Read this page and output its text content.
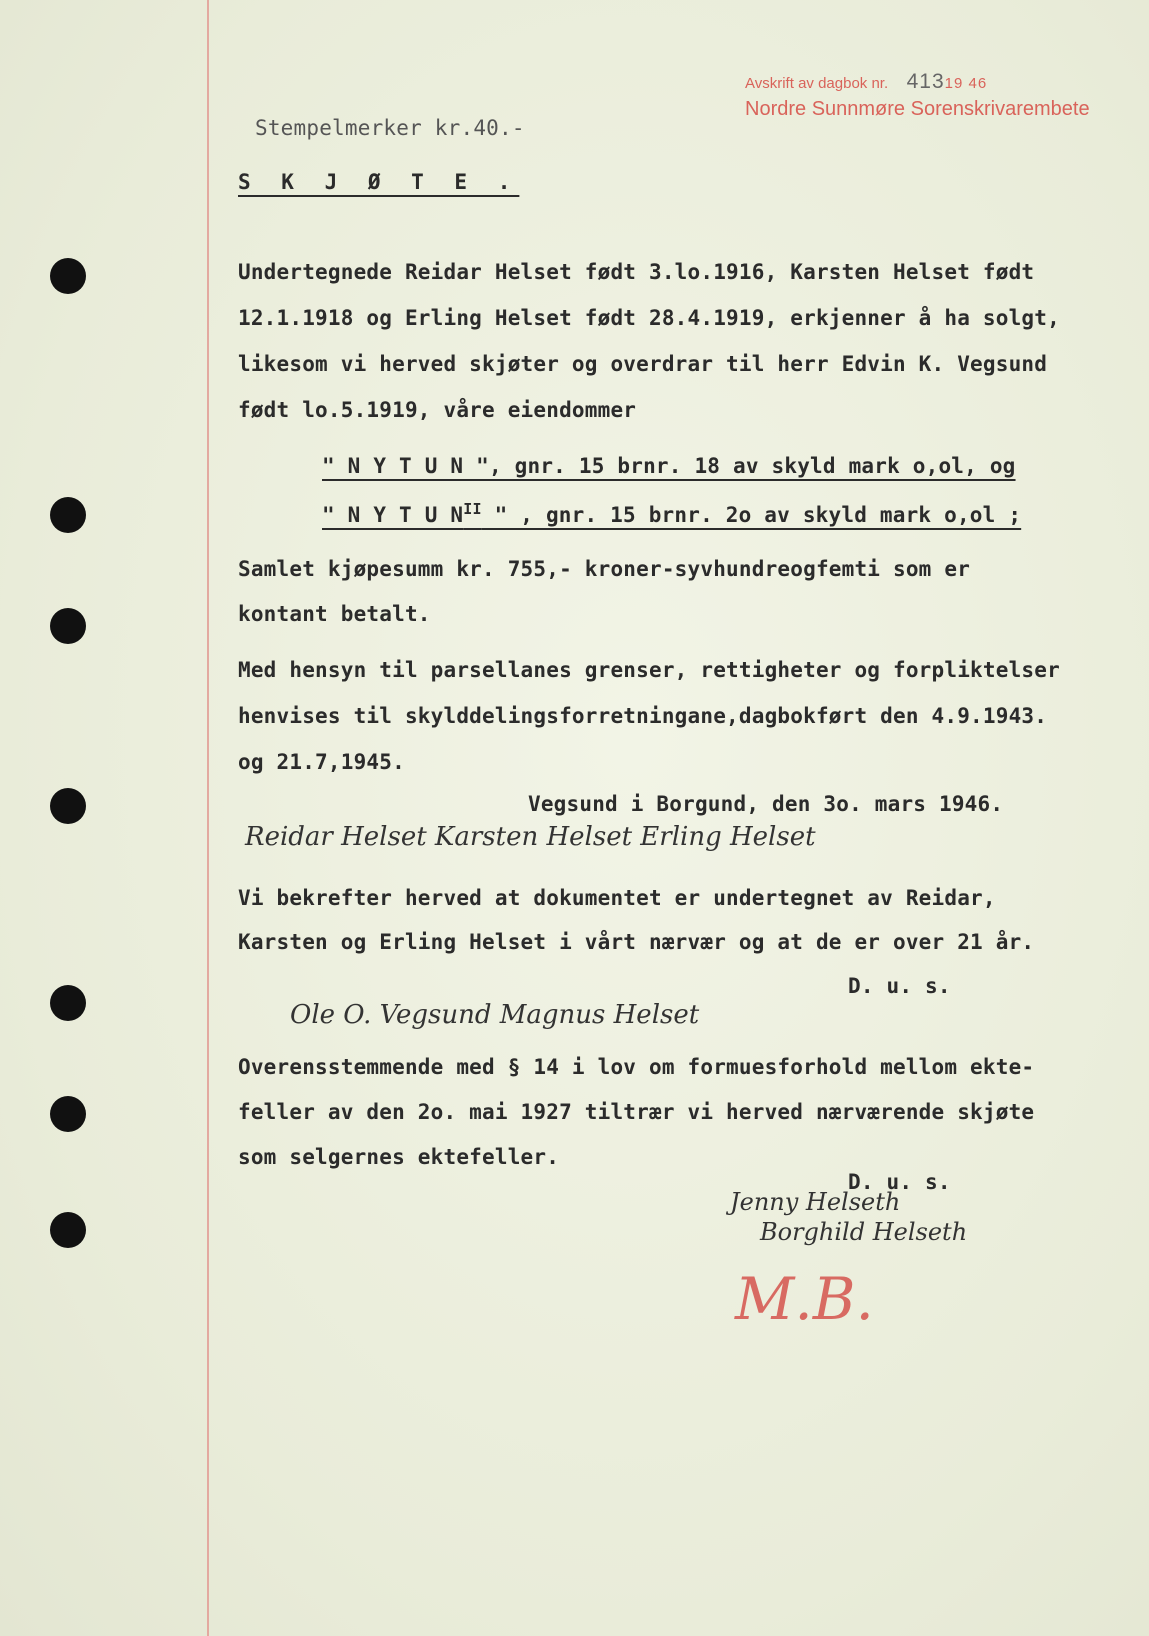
Avskrift av dagbok nr. 41319 46
Nordre Sunnmøre Sorenskrivarembete
Stempelmerker kr.40.-
S K J Ø T E .
Undertegnede Reidar Helset født 3.lo.1916, Karsten Helset født
12.1.1918 og Erling Helset født 28.4.1919, erkjenner å ha solgt,
likesom vi herved skjøter og overdrar til herr Edvin K. Vegsund
født lo.5.1919, våre eiendommer
" N Y T U N ", gnr. 15 brnr. 18 av skyld mark o,ol, og
" N Y T U $N^{II}$ " , gnr. 15 brnr. 2o av skyld mark o,ol ;
Samlet kjøpesumm kr. 755,- kroner-syvhundreogfemti som er
kontant betalt.
Med hensyn til parsellanes grenser, rettigheter og forpliktelser
henvises til skylddelingsforretningane,dagbokført den 4.9.1943.
og 21.7,1945.
Vegsund i Borgund, den 3o. mars 1946.
Reidar Helset Karsten Helset Erling Helset
Vi bekrefter herved at dokumentet er undertegnet av Reidar,
Karsten og Erling Helset i vårt nærvær og at de er over 21 år.
D. u. s.
Ole O. Vegsund Magnus Helset
Overensstemmende med § 14 i lov om formuesforhold mellom ekte-
feller av den 2o. mai 1927 tiltrær vi herved nærværende skjøte
som selgernes ektefeller.
D. u. s.
Jenny Helseth
Borghild Helseth
M.B.
